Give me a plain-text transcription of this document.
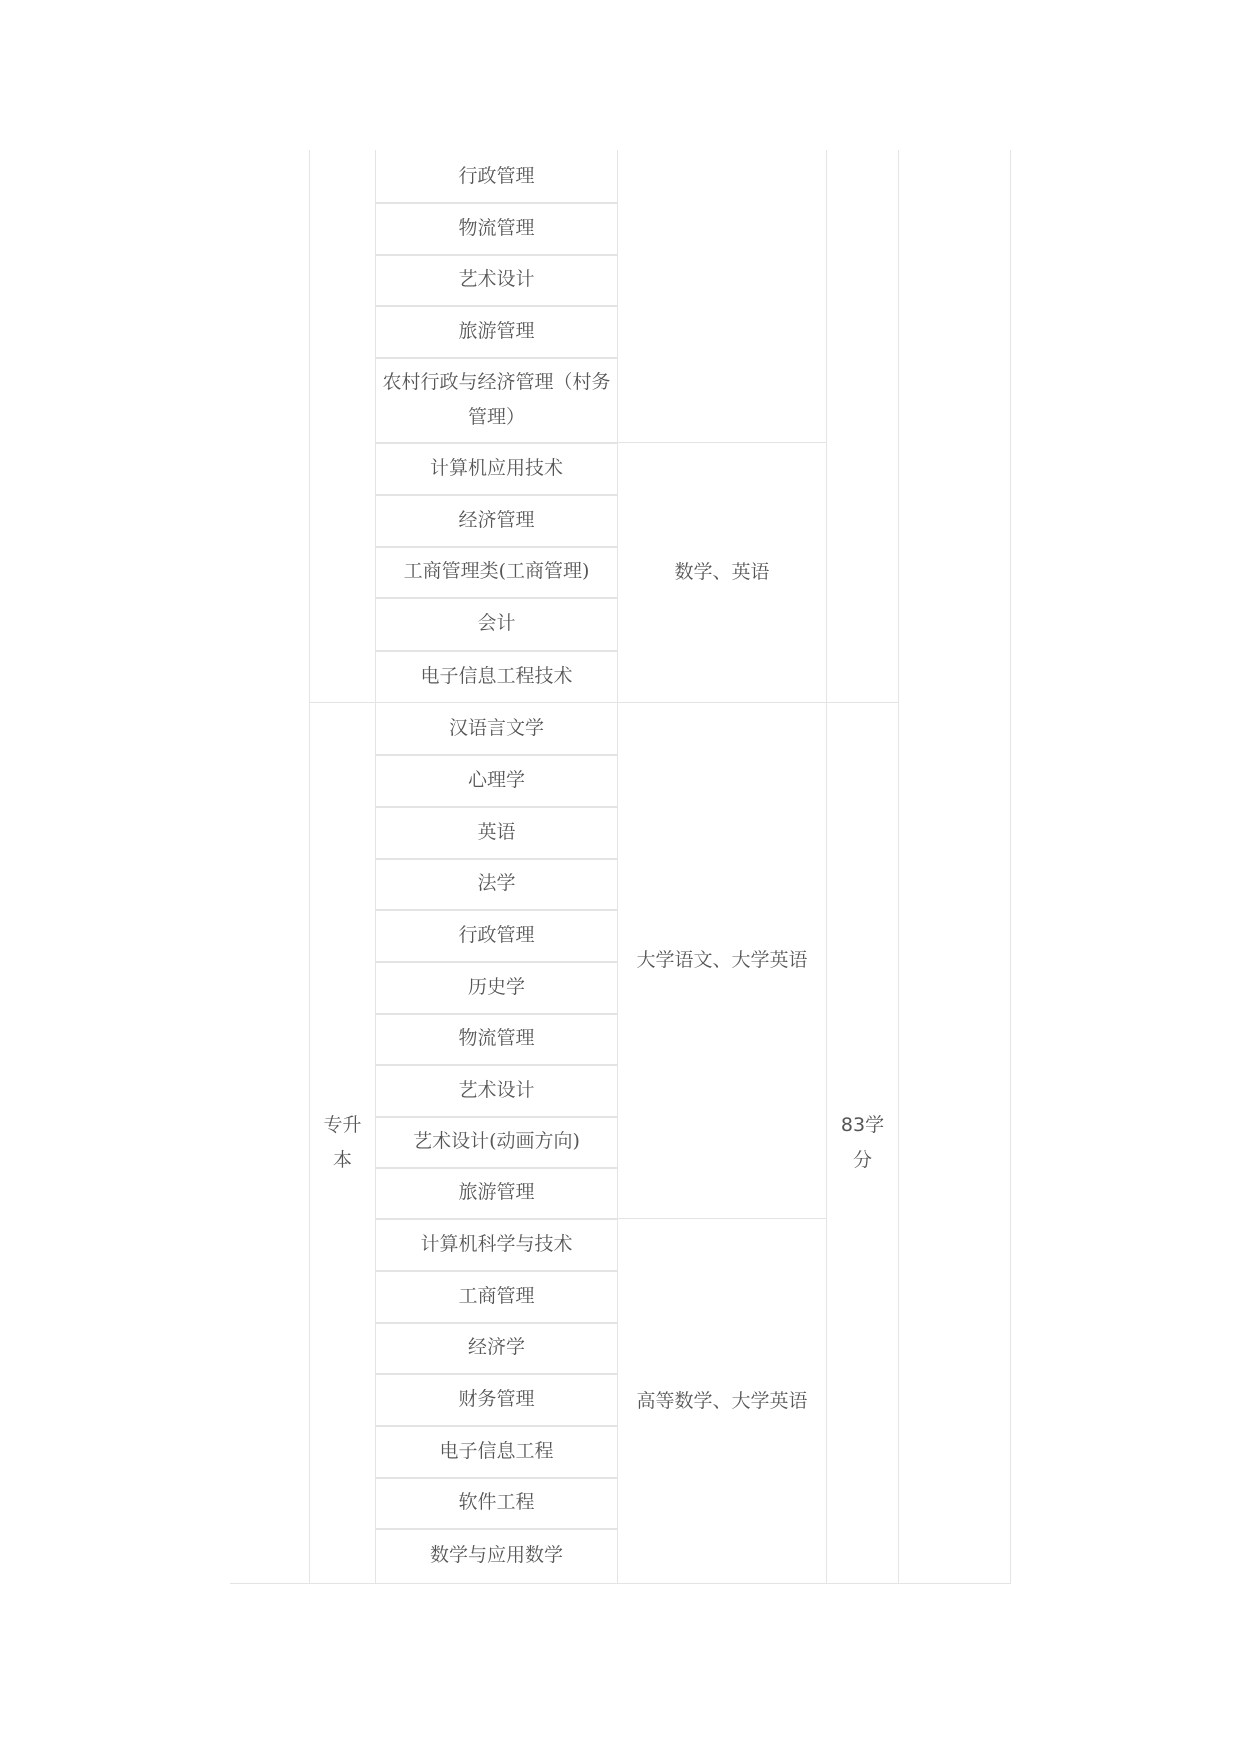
行政管理
物流管理
艺术设计
旅游管理
农村行政与经济管理（村务管理）
计算机应用技术
经济管理
工商管理类(工商管理)
会计
电子信息工程技术
数学、英语
专升本
汉语言文学
心理学
英语
法学
行政管理
历史学
物流管理
艺术设计
艺术设计(动画方向)
旅游管理
计算机科学与技术
工商管理
经济学
财务管理
电子信息工程
软件工程
数学与应用数学
大学语文、大学英语
高等数学、大学英语
83学分
